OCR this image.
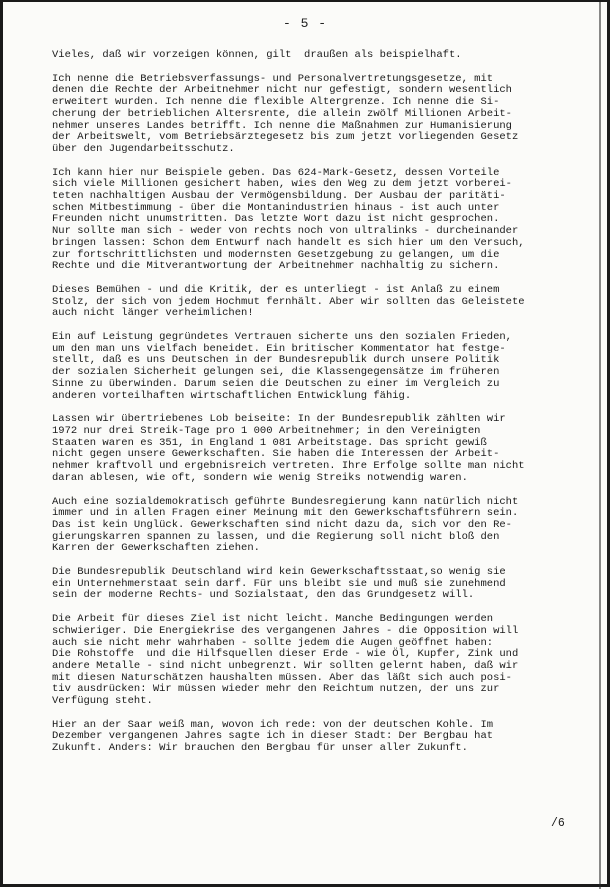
- 5 -
Vieles, daß wir vorzeigen können, gilt  draußen als beispielhaft.
Ich nenne die Betriebsverfassungs- und Personalvertretungsgesetze, mit
denen die Rechte der Arbeitnehmer nicht nur gefestigt, sondern wesentlich
erweitert wurden. Ich nenne die flexible Altergrenze. Ich nenne die Si-
cherung der betrieblichen Altersrente, die allein zwölf Millionen Arbeit-
nehmer unseres Landes betrifft. Ich nenne die Maßnahmen zur Humanisierung
der Arbeitswelt, vom Betriebsärztegesetz bis zum jetzt vorliegenden Gesetz
über den Jugendarbeitsschutz.
Ich kann hier nur Beispiele geben. Das 624-Mark-Gesetz, dessen Vorteile
sich viele Millionen gesichert haben, wies den Weg zu dem jetzt vorberei-
teten nachhaltigen Ausbau der Vermögensbildung. Der Ausbau der paritäti-
schen Mitbestimmung - über die Montanindustrien hinaus - ist auch unter
Freunden nicht unumstritten. Das letzte Wort dazu ist nicht gesprochen.
Nur sollte man sich - weder von rechts noch von ultralinks - durcheinander
bringen lassen: Schon dem Entwurf nach handelt es sich hier um den Versuch,
zur fortschrittlichsten und modernsten Gesetzgebung zu gelangen, um die
Rechte und die Mitverantwortung der Arbeitnehmer nachhaltig zu sichern.
Dieses Bemühen - und die Kritik, der es unterliegt - ist Anlaß zu einem
Stolz, der sich von jedem Hochmut fernhält. Aber wir sollten das Geleistete
auch nicht länger verheimlichen!
Ein auf Leistung gegründetes Vertrauen sicherte uns den sozialen Frieden,
um den man uns vielfach beneidet. Ein britischer Kommentator hat festge-
stellt, daß es uns Deutschen in der Bundesrepublik durch unsere Politik
der sozialen Sicherheit gelungen sei, die Klassengegensätze im früheren
Sinne zu überwinden. Darum seien die Deutschen zu einer im Vergleich zu
anderen vorteilhaften wirtschaftlichen Entwicklung fähig.
Lassen wir übertriebenes Lob beiseite: In der Bundesrepublik zählten wir
1972 nur drei Streik-Tage pro 1 000 Arbeitnehmer; in den Vereinigten
Staaten waren es 351, in England 1 081 Arbeitstage. Das spricht gewiß
nicht gegen unsere Gewerkschaften. Sie haben die Interessen der Arbeit-
nehmer kraftvoll und ergebnisreich vertreten. Ihre Erfolge sollte man nicht
daran ablesen, wie oft, sondern wie wenig Streiks notwendig waren.
Auch eine sozialdemokratisch geführte Bundesregierung kann natürlich nicht
immer und in allen Fragen einer Meinung mit den Gewerkschaftsführern sein.
Das ist kein Unglück. Gewerkschaften sind nicht dazu da, sich vor den Re-
gierungskarren spannen zu lassen, und die Regierung soll nicht bloß den
Karren der Gewerkschaften ziehen.
Die Bundesrepublik Deutschland wird kein Gewerkschaftsstaat,so wenig sie
ein Unternehmerstaat sein darf. Für uns bleibt sie und muß sie zunehmend
sein der moderne Rechts- und Sozialstaat, den das Grundgesetz will.
Die Arbeit für dieses Ziel ist nicht leicht. Manche Bedingungen werden
schwieriger. Die Energiekrise des vergangenen Jahres - die Opposition will
auch sie nicht mehr wahrhaben - sollte jedem die Augen geöffnet haben:
Die Rohstoffe  und die Hilfsquellen dieser Erde - wie Öl, Kupfer, Zink und
andere Metalle - sind nicht unbegrenzt. Wir sollten gelernt haben, daß wir
mit diesen Naturschätzen haushalten müssen. Aber das läßt sich auch posi-
tiv ausdrücken: Wir müssen wieder mehr den Reichtum nutzen, der uns zur
Verfügung steht.
Hier an der Saar weiß man, wovon ich rede: von der deutschen Kohle. Im
Dezember vergangenen Jahres sagte ich in dieser Stadt: Der Bergbau hat
Zukunft. Anders: Wir brauchen den Bergbau für unser aller Zukunft.
/6
